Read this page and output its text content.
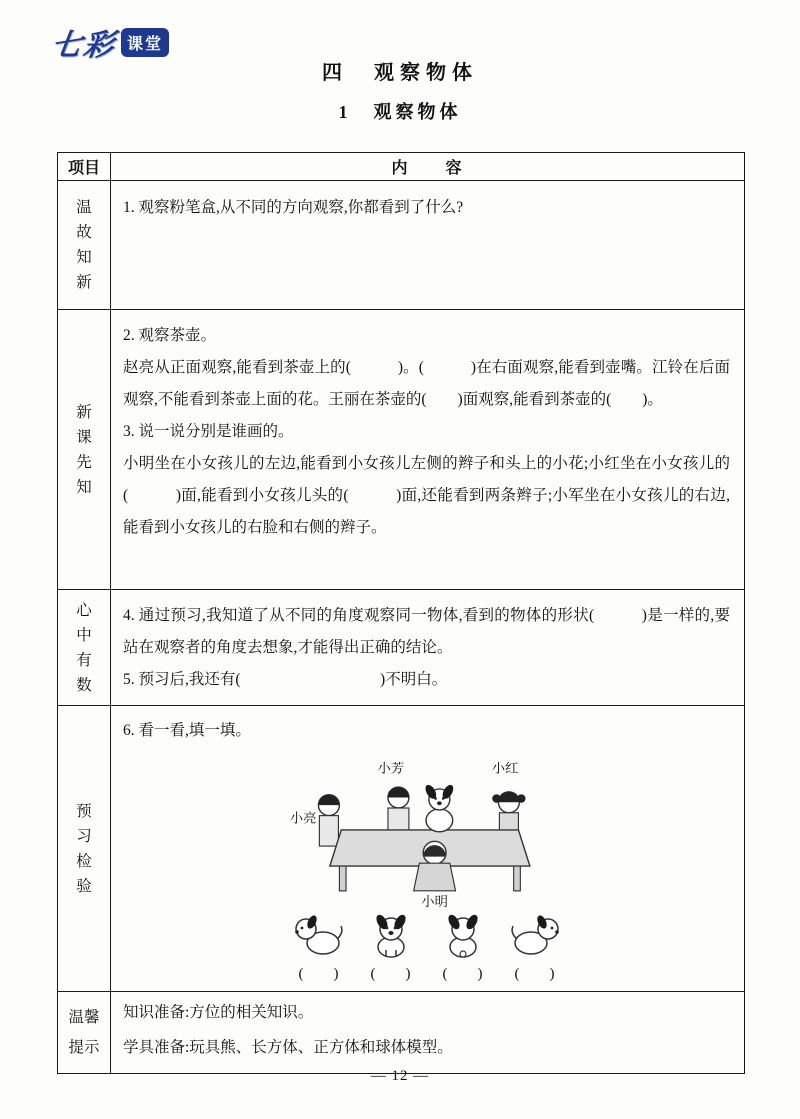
七彩 课堂
四　观察物体
1　观察物体
项目	内　　容
温故知新

1. 观察粉笔盒,从不同的方向观察,你都看到了什么?

新课先知

2. 观察茶壶。

赵亮从正面观察,能看到茶壶上的(　　　)。(　　　)在右面观察,能看到壶嘴。江铃在后面观察,不能看到茶壶上面的花。王丽在茶壶的(　　)面观察,能看到茶壶的(　　)。

3. 说一说分别是谁画的。

小明坐在小女孩儿的左边,能看到小女孩儿左侧的辫子和头上的小花;小红坐在小女孩儿的(　　　)面,能看到小女孩儿头的(　　　)面,还能看到两条辫子;小军坐在小女孩儿的右边,能看到小女孩儿的右脸和右侧的辫子。

心中有数

4. 通过预习,我知道了从不同的角度观察同一物体,看到的物体的形状(　　　)是一样的,要站在观察者的角度去想象,才能得出正确的结论。

5. 预习后,我还有(　　　　　　　　　)不明白。

预习检验

6. 看一看,填一填。

小芳	小红
小亮
小明
(　　) (　　) (　　) (　　)
温馨提示

知识准备:方位的相关知识。

学具准备:玩具熊、长方体、正方体和球体模型。

— 12 —
